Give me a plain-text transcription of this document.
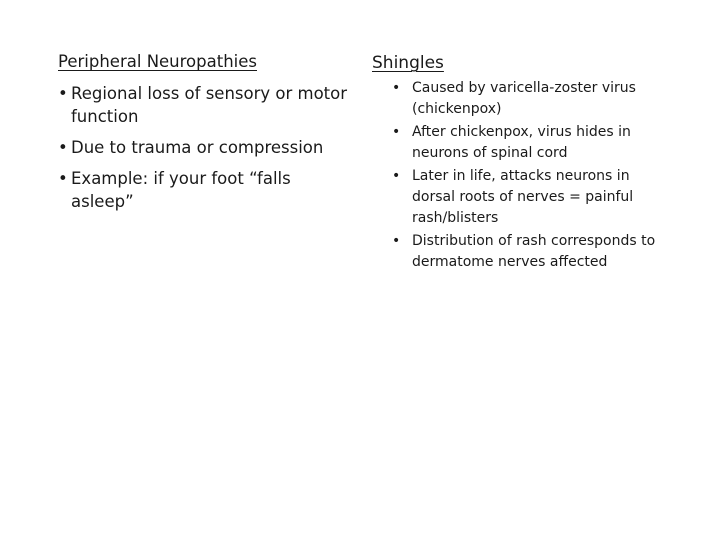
Peripheral Neuropathies
• Regional loss of sensory or motor function
• Due to trauma or compression
• Example: if your foot “falls asleep”
Shingles
• Caused by varicella-zoster virus (chickenpox)
• After chickenpox, virus hides in neurons of spinal cord
• Later in life, attacks neurons in dorsal roots of nerves = painful rash/blisters
• Distribution of rash corresponds to dermatome nerves affected
